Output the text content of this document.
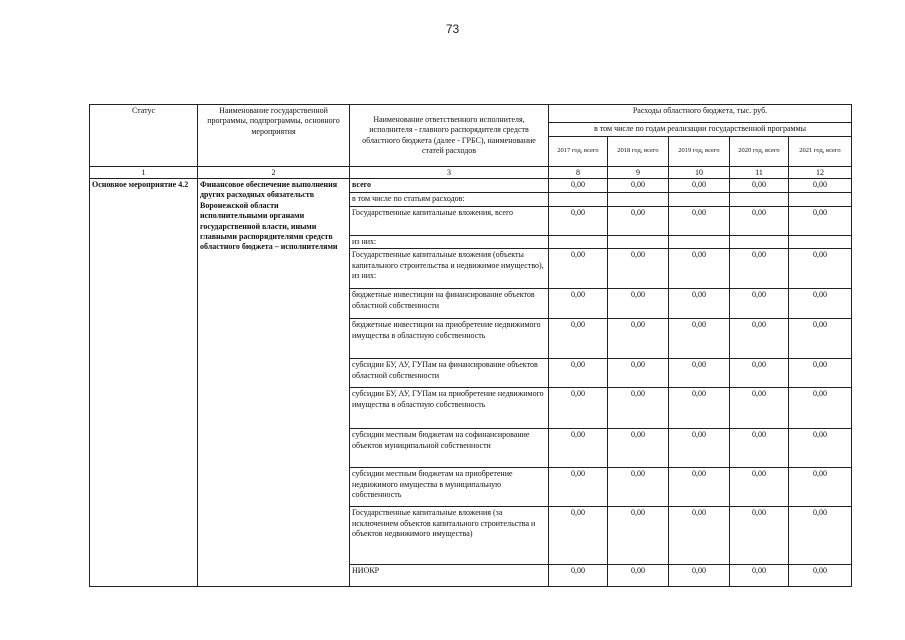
73
Статус	Наименование государственной программы, подпрограммы, основного мероприятия	Наименование ответственного исполнителя, исполнителя - главного распорядителя средств областного бюджета (далее - ГРБС), наименование статей расходов	Расходы областного бюджета, тыс. руб.				
			в том числе по годам реализации государственной программы				
			2017 год, всего	2018 год, всего	2019 год, всего	2020 год, всего	2021 год, всего
1	2	3	8	9	10	11	12
Основное мероприятие 4.2	Финансовое обеспечение выполнения других расходных обязательств Воронежской области исполнительными органами государственной власти, иными главными распорядителями средств областного бюджета – исполнителями	всего	0,00	0,00	0,00	0,00	0,00
		в том числе по статьям расходов:					
		Государственные капитальные вложения, всего	0,00	0,00	0,00	0,00	0,00
		из них:					
		Государственные капитальные вложения (объекты капитального строительства и недвижимое имущество), из них:	0,00	0,00	0,00	0,00	0,00
		бюджетные инвестиции на финансирование объектов областной собственности	0,00	0,00	0,00	0,00	0,00
		бюджетные инвестиции на приобретение недвижимого имущества в областную собственность	0,00	0,00	0,00	0,00	0,00
		субсидии БУ, АУ, ГУПам на финансирование объектов областной собственности	0,00	0,00	0,00	0,00	0,00
		субсидии БУ, АУ, ГУПам на приобретение недвижимого имущества в областную собственность	0,00	0,00	0,00	0,00	0,00
		субсидии местным бюджетам на софинансирование объектов муниципальной собственности	0,00	0,00	0,00	0,00	0,00
		субсидии местным бюджетам на приобретение недвижимого имущества в муниципальную собственность	0,00	0,00	0,00	0,00	0,00
		Государственные капитальные вложения (за исключением объектов капитального строительства и объектов недвижимого имущества)	0,00	0,00	0,00	0,00	0,00
		НИОКР	0,00	0,00	0,00	0,00	0,00
